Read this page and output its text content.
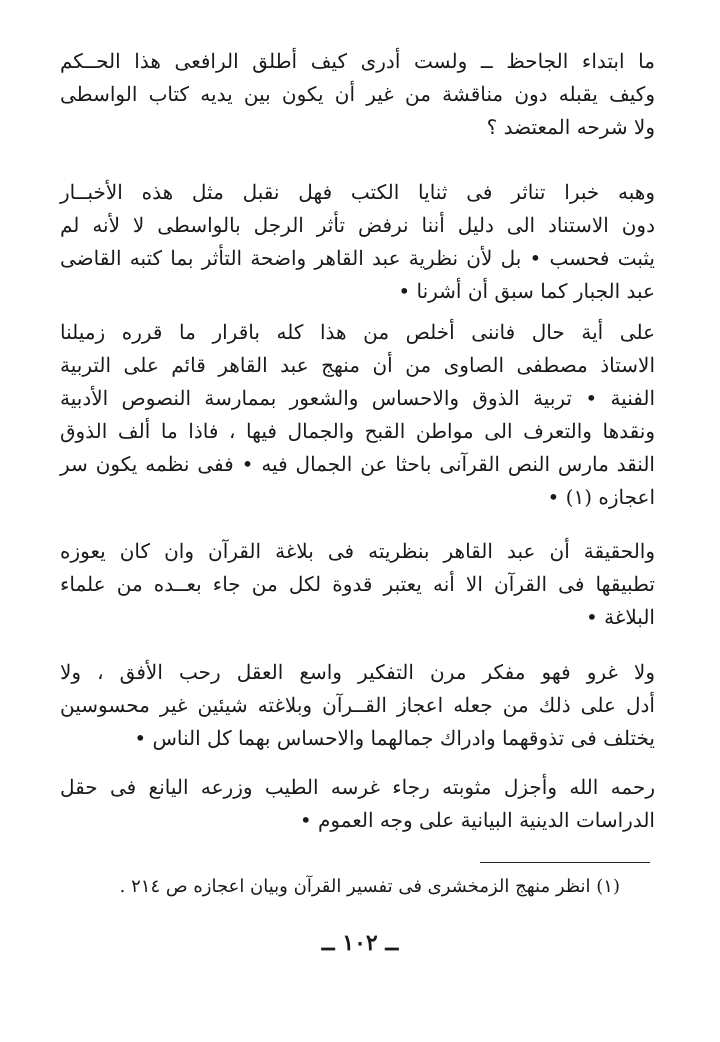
ما ابتداء الجاحظ ــ ولست أدرى كيف أطلق الرافعى هذا الحــكم
وكيف يقبله دون مناقشة من غير أن يكون بين يديه كتاب الواسطى
ولا شرحه المعتضد ؟
وهبه خبرا تناثر فى ثنايا الكتب فهل نقبل مثل هذه الأخبــار
دون الاستناد الى دليل أننا نرفض تأثر الرجل بالواسطى لا لأنه لم
يثبت فحسب • بل لأن نظرية عبد القاهر واضحة التأثر بما كتبه القاضى
عبد الجبار كما سبق أن أشرنا •
على أية حال فاننى أخلص من هذا كله باقرار ما قرره زميلنا
الاستاذ مصطفى الصاوى من أن منهج عبد القاهر قائم على التربية
الفنية • تربية الذوق والاحساس والشعور بممارسة النصوص الأدبية
ونقدها والتعرف الى مواطن القبح والجمال فيها ، فاذا ما ألف الذوق
النقد مارس النص القرآنى باحثا عن الجمال فيه • ففى نظمه يكون سر
اعجازه (١) •
والحقيقة أن عبد القاهر بنظريته فى بلاغة القرآن وان كان يعوزه
تطبيقها فى القرآن الا أنه يعتبر قدوة لكل من جاء بعــده من علماء
البلاغة •
ولا غرو فهو مفكر مرن التفكير واسع العقل رحب الأفق ، ولا
أدل على ذلك من جعله اعجاز القــرآن وبلاغته شيئين غير محسوسين
يختلف فى تذوقهما وادراك جمالهما والاحساس بهما كل الناس •
رحمه الله وأجزل مثوبته رجاء غرسه الطيب وزرعه اليانع فى حقل
الدراسات الدينية البيانية على وجه العموم •
(١) انظر منهج الزمخشرى فى تفسير القرآن وبيان اعجازه ص ٢١٤ .
ــ ١٠٢ ــ
